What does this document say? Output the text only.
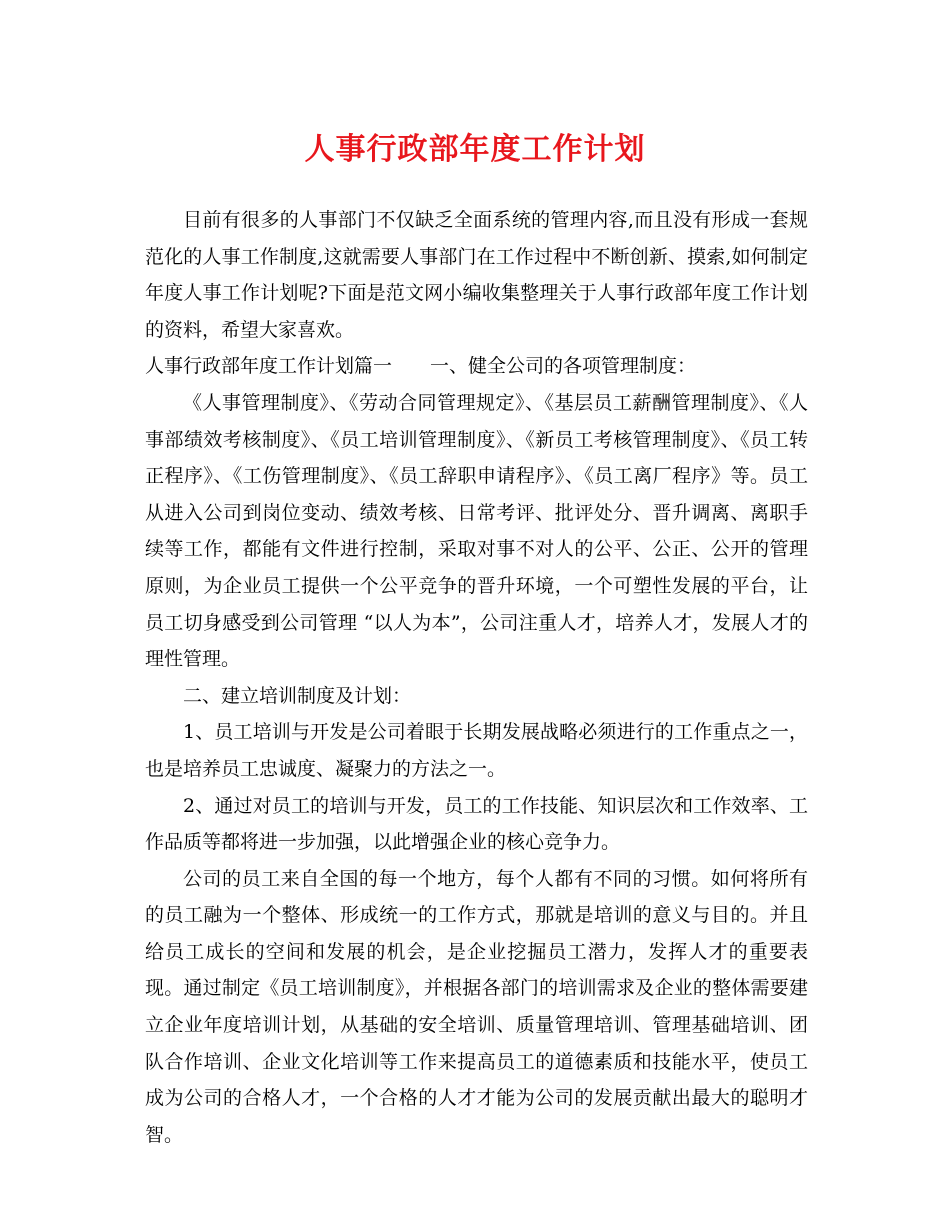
人事行政部年度工作计划

目前有很多的人事部门不仅缺乏全面系统的管理内容,而且没有形成一套规范化的人事工作制度,这就需要人事部门在工作过程中不断创新、摸索,如何制定年度人事工作计划呢?下面是范文网小编收集整理关于人事行政部年度工作计划的资料，希望大家喜欢。

人事行政部年度工作计划篇一　　一、健全公司的各项管理制度：

《人事管理制度》、《劳动合同管理规定》、《基层员工薪酬管理制度》、《人事部绩效考核制度》、《员工培训管理制度》、《新员工考核管理制度》、《员工转正程序》、《工伤管理制度》、《员工辞职申请程序》、《员工离厂程序》等。员工从进入公司到岗位变动、绩效考核、日常考评、批评处分、晋升调离、离职手续等工作，都能有文件进行控制，采取对事不对人的公平、公正、公开的管理原则，为企业员工提供一个公平竞争的晋升环境，一个可塑性发展的平台，让员工切身感受到公司管理 “以人为本”，公司注重人才，培养人才，发展人才的理性管理。

二、建立培训制度及计划：

1、员工培训与开发是公司着眼于长期发展战略必须进行的工作重点之一，也是培养员工忠诚度、凝聚力的方法之一。

2、通过对员工的培训与开发，员工的工作技能、知识层次和工作效率、工作品质等都将进一步加强，以此增强企业的核心竞争力。

公司的员工来自全国的每一个地方，每个人都有不同的习惯。如何将所有的员工融为一个整体、形成统一的工作方式，那就是培训的意义与目的。并且给员工成长的空间和发展的机会，是企业挖掘员工潜力，发挥人才的重要表现。通过制定《员工培训制度》，并根据各部门的培训需求及企业的整体需要建立企业年度培训计划，从基础的安全培训、质量管理培训、管理基础培训、团队合作培训、企业文化培训等工作来提高员工的道德素质和技能水平，使员工成为公司的合格人才，一个合格的人才才能为公司的发展贡献出最大的聪明才智。
